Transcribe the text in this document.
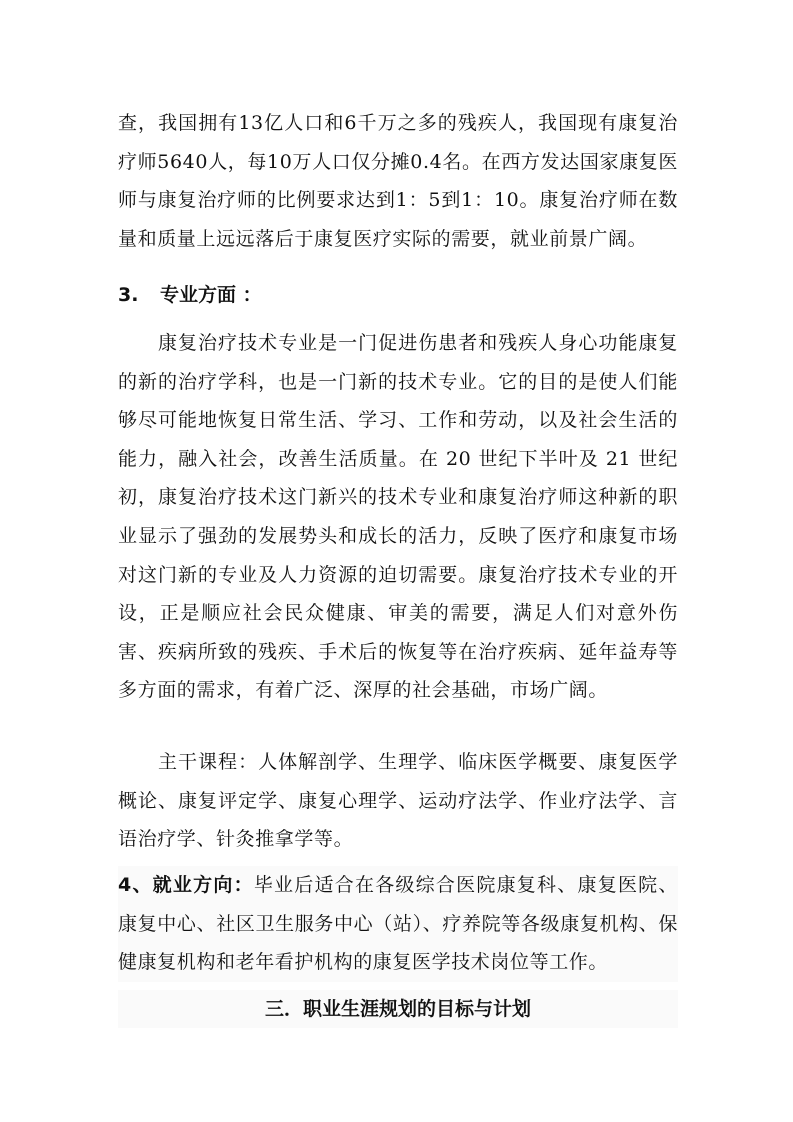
查，我国拥有13亿人口和6千万之多的残疾人，我国现有康复治疗师5640人，每10万人口仅分摊0.4名。在西方发达国家康复医师与康复治疗师的比例要求达到1：5到1：10。康复治疗师在数量和质量上远远落后于康复医疗实际的需要，就业前景广阔。

3. 专业方面 ：

康复治疗技术专业是一门促进伤患者和残疾人身心功能康复的新的治疗学科，也是一门新的技术专业。它的目的是使人们能够尽可能地恢复日常生活、学习、工作和劳动，以及社会生活的能力，融入社会，改善生活质量。在 20 世纪下半叶及 21 世纪初，康复治疗技术这门新兴的技术专业和康复治疗师这种新的职业显示了强劲的发展势头和成长的活力，反映了医疗和康复市场对这门新的专业及人力资源的迫切需要。康复治疗技术专业的开设，正是顺应社会民众健康、审美的需要，满足人们对意外伤害、疾病所致的残疾、手术后的恢复等在治疗疾病、延年益寿等多方面的需求，有着广泛、深厚的社会基础，市场广阔。

主干课程：人体解剖学、生理学、临床医学概要、康复医学概论、康复评定学、康复心理学、运动疗法学、作业疗法学、言语治疗学、针灸推拿学等。

4、就业方向：毕业后适合在各级综合医院康复科、康复医院、康复中心、社区卫生服务中心（站）、疗养院等各级康复机构、保健康复机构和老年看护机构的康复医学技术岗位等工作。

三．职业生涯规划的目标与计划
